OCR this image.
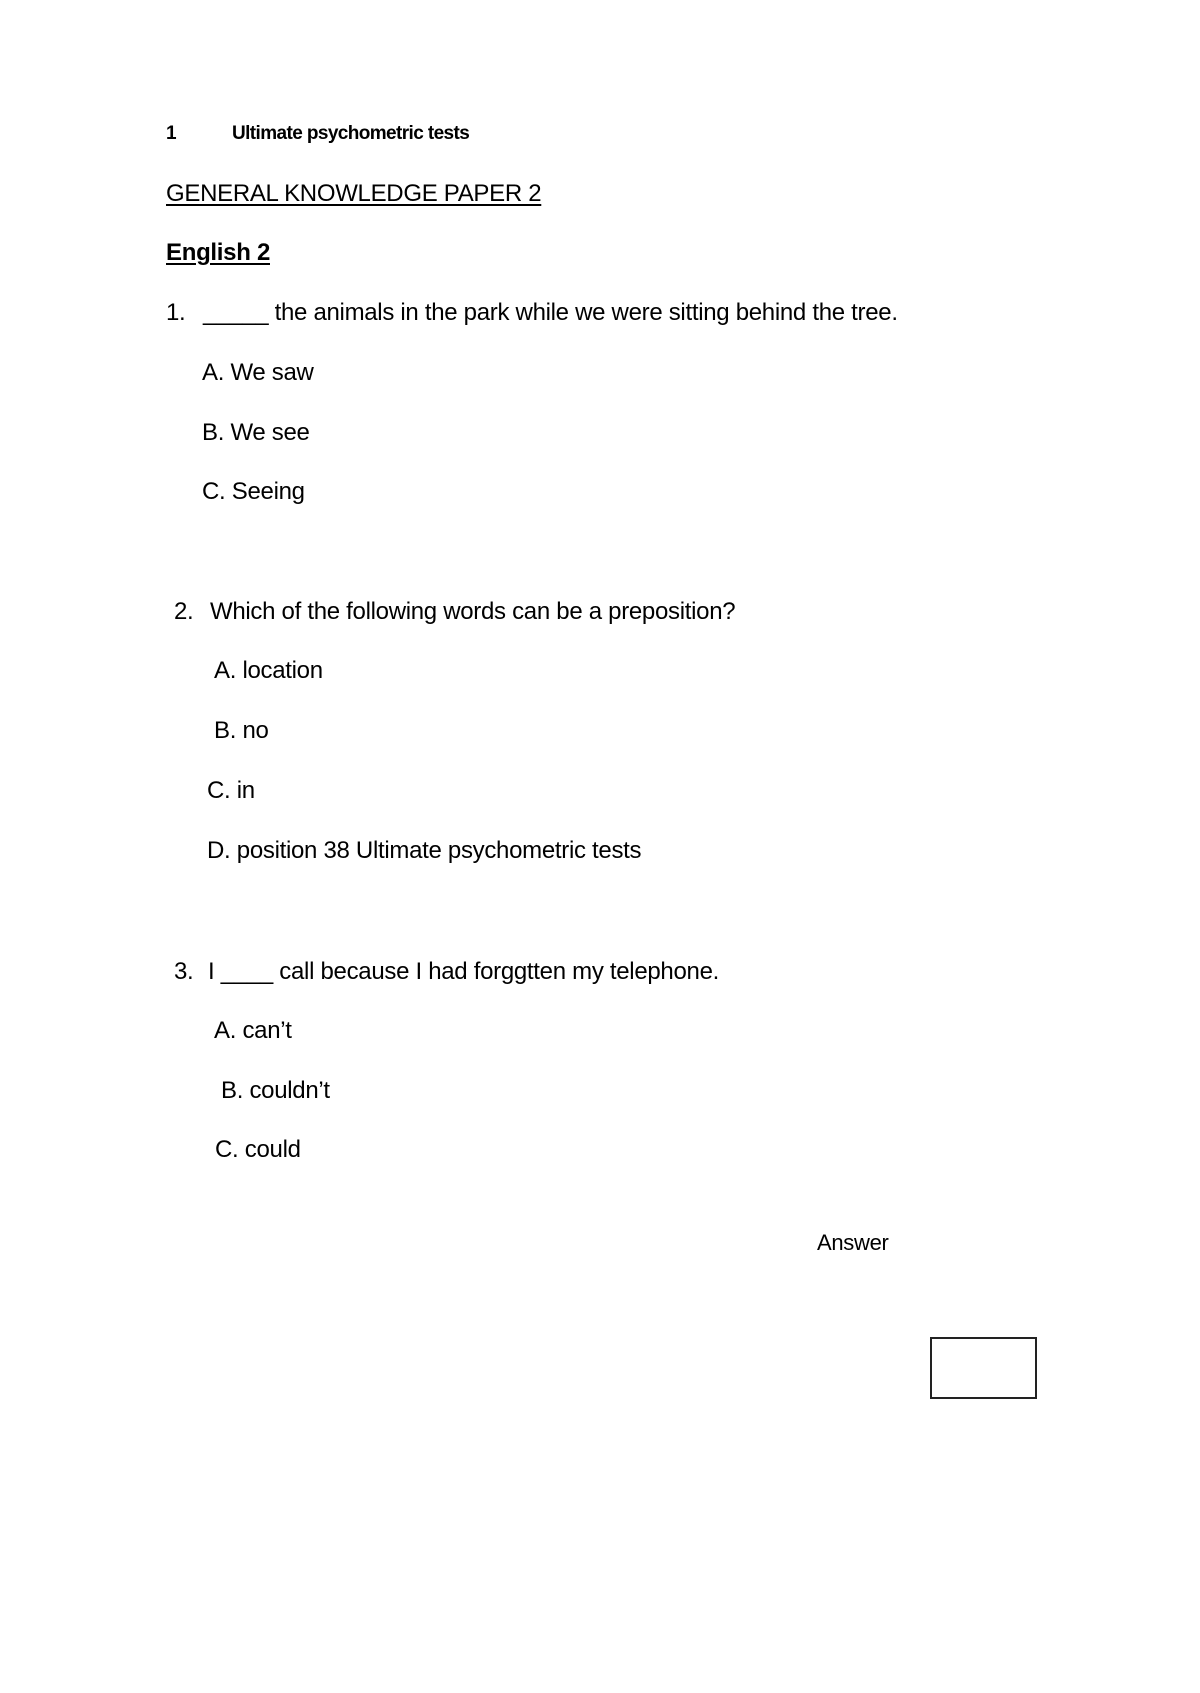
1	Ultimate psychometric tests
GENERAL KNOWLEDGE PAPER 2
English 2
1. _____ the animals in the park while we were sitting behind the tree.
A. We saw
B. We see
C. Seeing
2. Which of the following words can be a preposition?
A. location
B. no
C. in
D. position 38 Ultimate psychometric tests
3. I ____ call because I had forggtten my telephone.
A. can’t
B. couldn’t
C. could
Answer
